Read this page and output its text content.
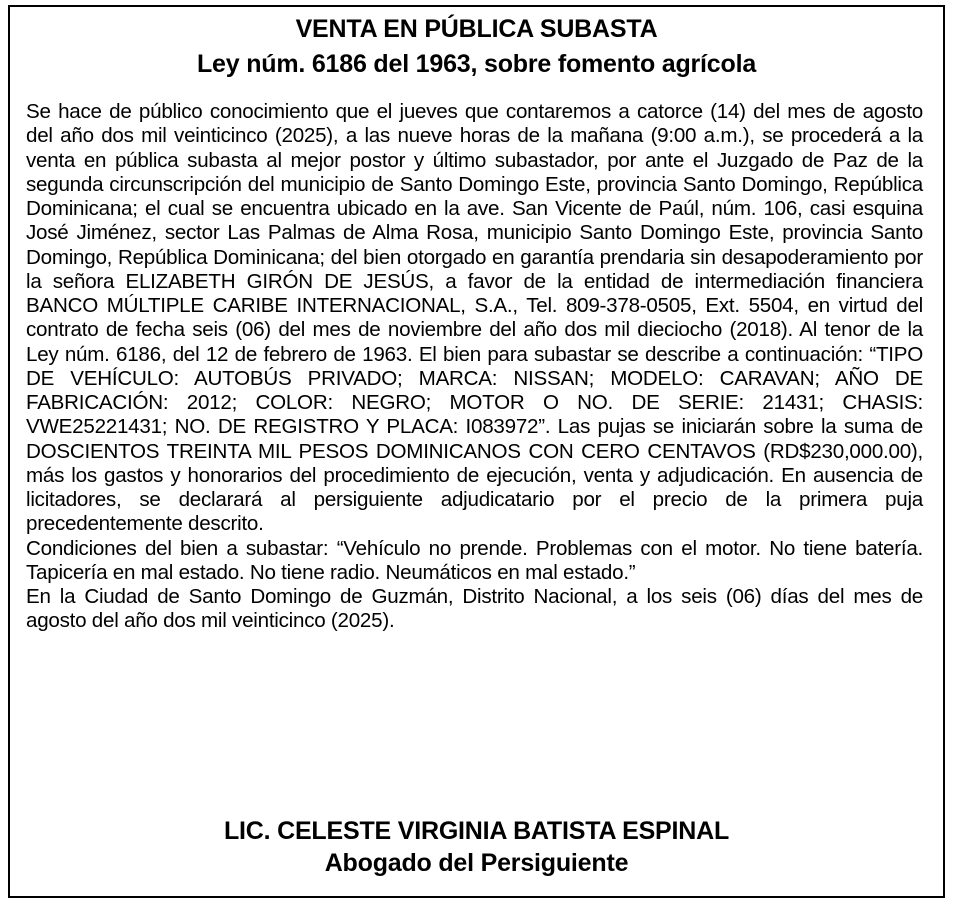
VENTA EN PÚBLICA SUBASTA
Ley núm. 6186 del 1963, sobre fomento agrícola

Se hace de público conocimiento que el jueves que contaremos a catorce (14) del mes de agosto del año dos mil veinticinco (2025), a las nueve horas de la mañana (9:00 a.m.), se procederá a la venta en pública subasta al mejor postor y último subastador, por ante el Juzgado de Paz de la segunda circunscripción del municipio de Santo Domingo Este, provincia Santo Domingo, República Dominicana; el cual se encuentra ubicado en la ave. San Vicente de Paúl, núm. 106, casi esquina José Jiménez, sector Las Palmas de Alma Rosa, municipio Santo Domingo Este, provincia Santo Domingo, República Dominicana; del bien otorgado en garantía prendaria sin desapoderamiento por la señora ELIZABETH GIRÓN DE JESÚS, a favor de la entidad de intermediación financiera BANCO MÚLTIPLE CARIBE INTERNACIONAL, S.A., Tel. 809-378-0505, Ext. 5504, en virtud del contrato de fecha seis (06) del mes de noviembre del año dos mil dieciocho (2018). Al tenor de la Ley núm. 6186, del 12 de febrero de 1963. El bien para subastar se describe a continuación: “TIPO DE VEHÍCULO: AUTOBÚS PRIVADO; MARCA: NISSAN; MODELO: CARAVAN; AÑO DE FABRICACIÓN: 2012; COLOR: NEGRO; MOTOR O NO. DE SERIE: 21431; CHASIS: VWE25221431; NO. DE REGISTRO Y PLACA: I083972”. Las pujas se iniciarán sobre la suma de DOSCIENTOS TREINTA MIL PESOS DOMINICANOS CON CERO CENTAVOS (RD$230,000.00), más los gastos y honorarios del procedimiento de ejecución, venta y adjudicación. En ausencia de licitadores, se declarará al persiguiente adjudicatario por el precio de la primera puja precedentemente descrito.

Condiciones del bien a subastar: “Vehículo no prende. Problemas con el motor. No tiene batería. Tapicería en mal estado. No tiene radio. Neumáticos en mal estado.”

En la Ciudad de Santo Domingo de Guzmán, Distrito Nacional, a los seis (06) días del mes de agosto del año dos mil veinticinco (2025).

LIC. CELESTE VIRGINIA BATISTA ESPINAL
Abogado del Persiguiente
